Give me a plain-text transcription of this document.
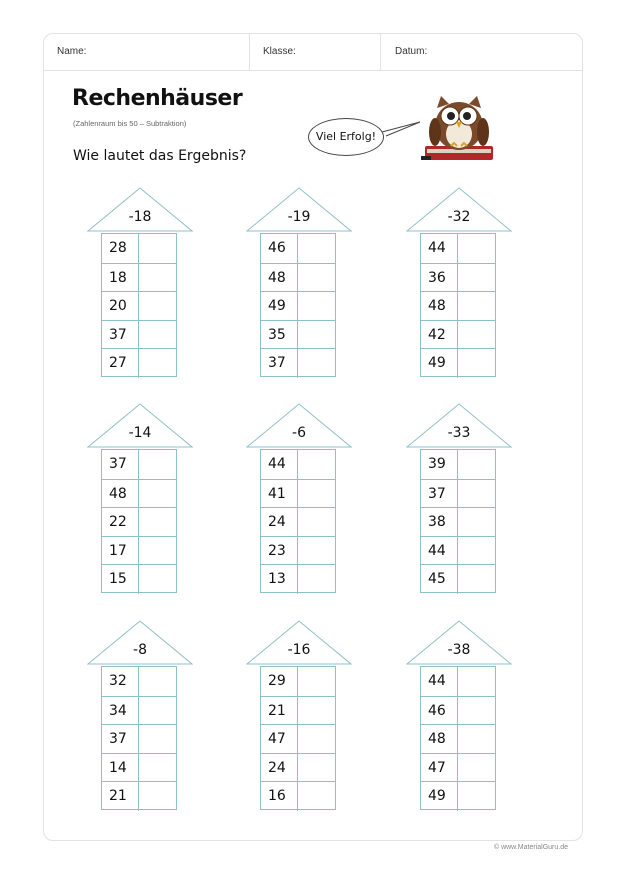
Name:	Klasse:	Datum:
Rechenhäuser
(Zahlenraum bis 50 – Subtraktion)
Wie lautet das Ergebnis?
Viel Erfolg!
-18
28
18
20
37
27
-19
46
48
49
35
37
-32
44
36
48
42
49
-14
37
48
22
17
15
-6
44
41
24
23
13
-33
39
37
38
44
45
-8
32
34
37
14
21
-16
29
21
47
24
16
-38
44
46
48
47
49
© www.MaterialGuru.de
